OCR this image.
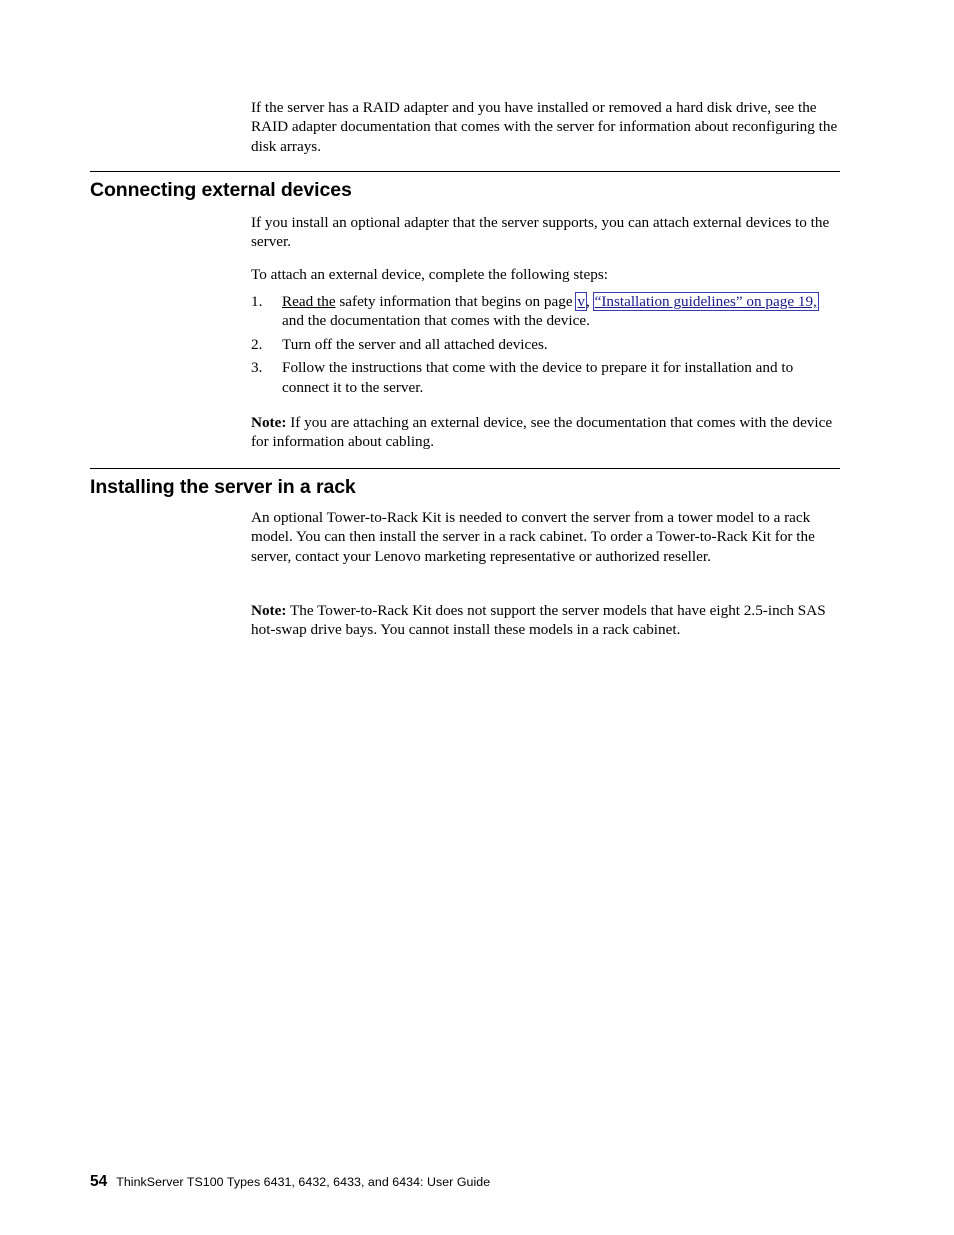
If the server has a RAID adapter and you have installed or removed a hard disk drive, see the RAID adapter documentation that comes with the server for information about reconfiguring the disk arrays.

Connecting external devices

If you install an optional adapter that the server supports, you can attach external devices to the server.

To attach an external device, complete the following steps:

1.	Read the safety information that begins on page v, “Installation guidelines” on page 19, and the documentation that comes with the device.
2.	Turn off the server and all attached devices.
3.	Follow the instructions that come with the device to prepare it for installation and to connect it to the server.

Note: If you are attaching an external device, see the documentation that comes with the device for information about cabling.

Installing the server in a rack

An optional Tower-to-Rack Kit is needed to convert the server from a tower model to a rack model. You can then install the server in a rack cabinet. To order a Tower-to-Rack Kit for the server, contact your Lenovo marketing representative or authorized reseller.

Note: The Tower-to-Rack Kit does not support the server models that have eight 2.5-inch SAS hot-swap drive bays. You cannot install these models in a rack cabinet.

54 ThinkServer TS100 Types 6431, 6432, 6433, and 6434: User Guide
